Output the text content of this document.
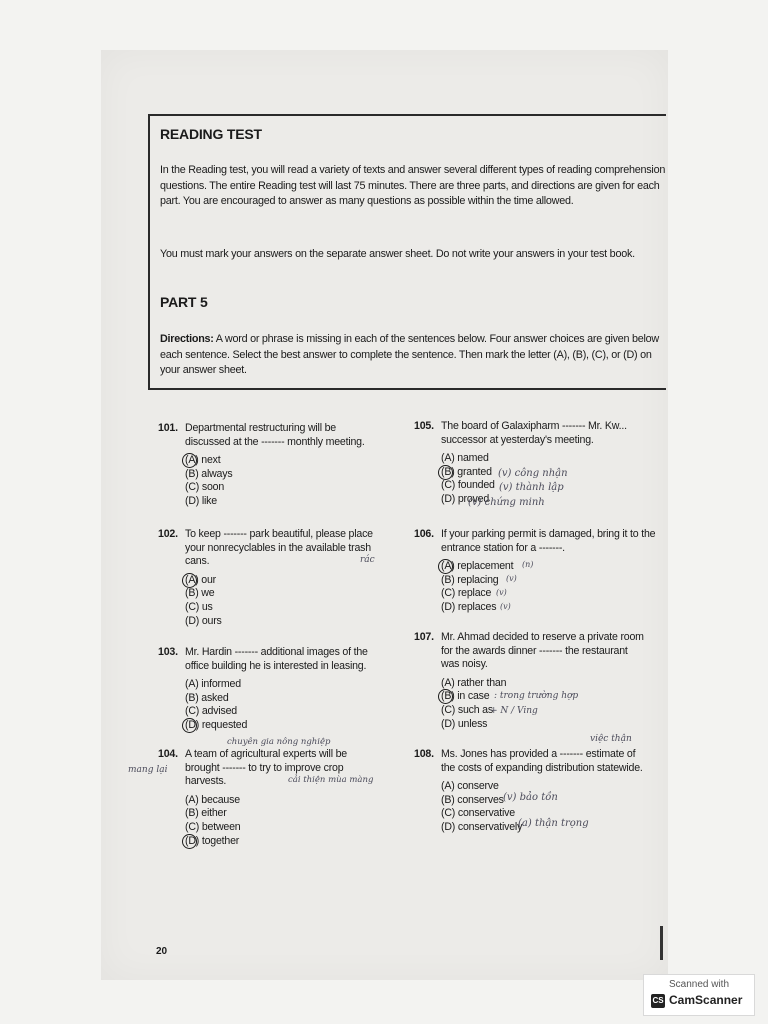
READING TEST
In the Reading test, you will read a variety of texts and answer several different types of reading comprehension questions. The entire Reading test will last 75 minutes. There are three parts, and directions are given for each part. You are encouraged to answer as many questions as possible within the time allowed.
You must mark your answers on the separate answer sheet. Do not write your answers in your test book.
PART 5
Directions: A word or phrase is missing in each of the sentences below. Four answer choices are given below each sentence. Select the best answer to complete the sentence. Then mark the letter (A), (B), (C), or (D) on your answer sheet.
101. Departmental restructuring will be discussed at the ------- monthly meeting.
(A) next
(B) always
(C) soon
(D) like
102. To keep ------- park beautiful, please place your nonrecyclables in the available trash cans.
(A) our
(B) we
(C) us
(D) ours
103. Mr. Hardin ------- additional images of the office building he is interested in leasing.
(A) informed
(B) asked
(C) advised
(D) requested
104. A team of agricultural experts will be brought ------- to try to improve crop harvests.
(A) because
(B) either
(C) between
(D) together
105. The board of Galaxipharm ------- Mr. Kw... successor at yesterday's meeting.
(A) named
(B) granted
(C) founded
(D) proved
106. If your parking permit is damaged, bring it to the entrance station for a -------.
(A) replacement
(B) replacing
(C) replace
(D) replaces
107. Mr. Ahmad decided to reserve a private room for the awards dinner ------- the restaurant was noisy.
(A) rather than
(B) in case
(C) such as
(D) unless
108. Ms. Jones has provided a ------- estimate of the costs of expanding distribution statewide.
(A) conserve
(B) conserves
(C) conservative
(D) conservatively
(v) công nhận
(v) thành lập
(v) chứng minh
rác	(n)
(v)
(v)
(v)
: trong trường hợp
+ N / Ving
việc thận
(v) bảo tồn
(a) thận trọng
chuyên gia nông nghiệp
mang lại
cải thiện mùa màng
20
Scanned with
CS CamScanner
